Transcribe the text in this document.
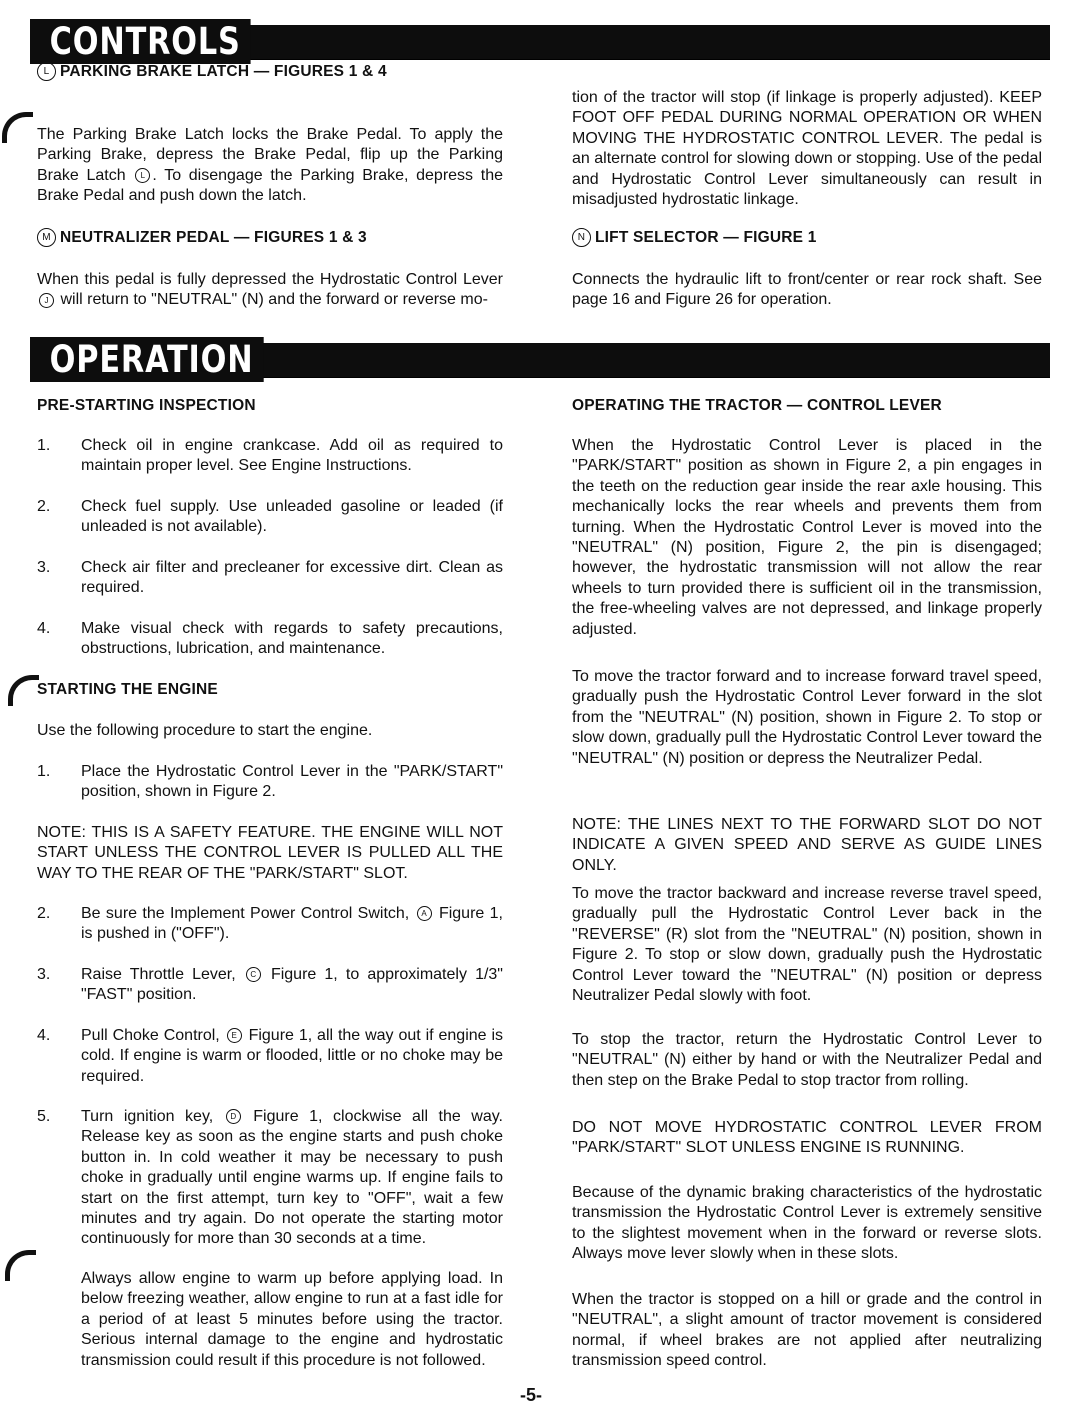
CONTROLS
L PARKING BRAKE LATCH — FIGURES 1 & 4

The Parking Brake Latch locks the Brake Pedal. To apply the Parking Brake, depress the Brake Pedal, flip up the Parking Brake Latch L . To disengage the Parking Brake, depress the Brake Pedal and push down the latch.

M NEUTRALIZER PEDAL — FIGURES 1 & 3

When this pedal is fully depressed the Hydrostatic Control Lever J will return to "NEUTRAL" (N) and the forward or reverse mo-

tion of the tractor will stop (if linkage is properly adjusted). KEEP FOOT OFF PEDAL DURING NORMAL OPERATION OR WHEN MOVING THE HYDROSTATIC CONTROL LEVER. The pedal is an alternate control for slowing down or stopping. Use of the pedal and Hydrostatic Control Lever simultaneously can result in misadjusted hydrostatic linkage.

N LIFT SELECTOR — FIGURE 1

Connects the hydraulic lift to front/center or rear rock shaft. See page 16 and Figure 26 for operation.

OPERATION
PRE-STARTING INSPECTION
1.	Check oil in engine crankcase. Add oil as required to maintain proper level. See Engine Instructions.

2.	Check fuel supply. Use unleaded gasoline or leaded (if unleaded is not available).

3.	Check air filter and precleaner for excessive dirt. Clean as required.

4.	Make visual check with regards to safety precautions, obstructions, lubrication, and maintenance.

STARTING THE ENGINE

Use the following procedure to start the engine.

1.	Place the Hydrostatic Control Lever in the "PARK/START" position, shown in Figure 2.

NOTE: THIS IS A SAFETY FEATURE. THE ENGINE WILL NOT START UNLESS THE CONTROL LEVER IS PULLED ALL THE WAY TO THE REAR OF THE "PARK/START" SLOT.

2.	Be sure the Implement Power Control Switch, A Figure 1, is pushed in ("OFF").

3.	Raise Throttle Lever, C Figure 1, to approximately 1/3" "FAST" position.

4.	Pull Choke Control, E Figure 1, all the way out if engine is cold. If engine is warm or flooded, little or no choke may be required.

5.	Turn ignition key, D Figure 1, clockwise all the way. Release key as soon as the engine starts and push choke button in. In cold weather it may be necessary to push choke in gradually until engine warms up. If engine fails to start on the first attempt, turn key to "OFF", wait a few minutes and try again. Do not operate the starting motor continuously for more than 30 seconds at a time.

Always allow engine to warm up before applying load. In below freezing weather, allow engine to run at a fast idle for a period of at least 5 minutes before using the tractor. Serious internal damage to the engine and hydrostatic transmission could result if this procedure is not followed.

OPERATING THE TRACTOR — CONTROL LEVER

When the Hydrostatic Control Lever is placed in the "PARK/START" position as shown in Figure 2, a pin engages in the teeth on the reduction gear inside the rear axle housing. This mechanically locks the rear wheels and prevents them from turning. When the Hydrostatic Control Lever is moved into the "NEUTRAL" (N) position, Figure 2, the pin is disengaged; however, the hydrostatic transmission will not allow the rear wheels to turn provided there is sufficient oil in the transmission, the free-wheeling valves are not depressed, and linkage properly adjusted.

To move the tractor forward and to increase forward travel speed, gradually push the Hydrostatic Control Lever forward in the slot from the "NEUTRAL" (N) position, shown in Figure 2. To stop or slow down, gradually pull the Hydrostatic Control Lever toward the "NEUTRAL" (N) position or depress the Neutralizer Pedal.

NOTE: THE LINES NEXT TO THE FORWARD SLOT DO NOT INDICATE A GIVEN SPEED AND SERVE AS GUIDE LINES ONLY.

To move the tractor backward and increase reverse travel speed, gradually pull the Hydrostatic Control Lever back in the "REVERSE" (R) slot from the "NEUTRAL" (N) position, shown in Figure 2. To stop or slow down, gradually push the Hydrostatic Control Lever toward the "NEUTRAL" (N) position or depress Neutralizer Pedal slowly with foot.

To stop the tractor, return the Hydrostatic Control Lever to "NEUTRAL" (N) either by hand or with the Neutralizer Pedal and then step on the Brake Pedal to stop tractor from rolling.

DO NOT MOVE HYDROSTATIC CONTROL LEVER FROM "PARK/START" SLOT UNLESS ENGINE IS RUNNING.

Because of the dynamic braking characteristics of the hydrostatic transmission the Hydrostatic Control Lever is extremely sensitive to the slightest movement when in the forward or reverse slots. Always move lever slowly when in these slots.

When the tractor is stopped on a hill or grade and the control in "NEUTRAL", a slight amount of tractor movement is considered normal, if wheel brakes are not applied after neutralizing transmission speed control.

-5-
